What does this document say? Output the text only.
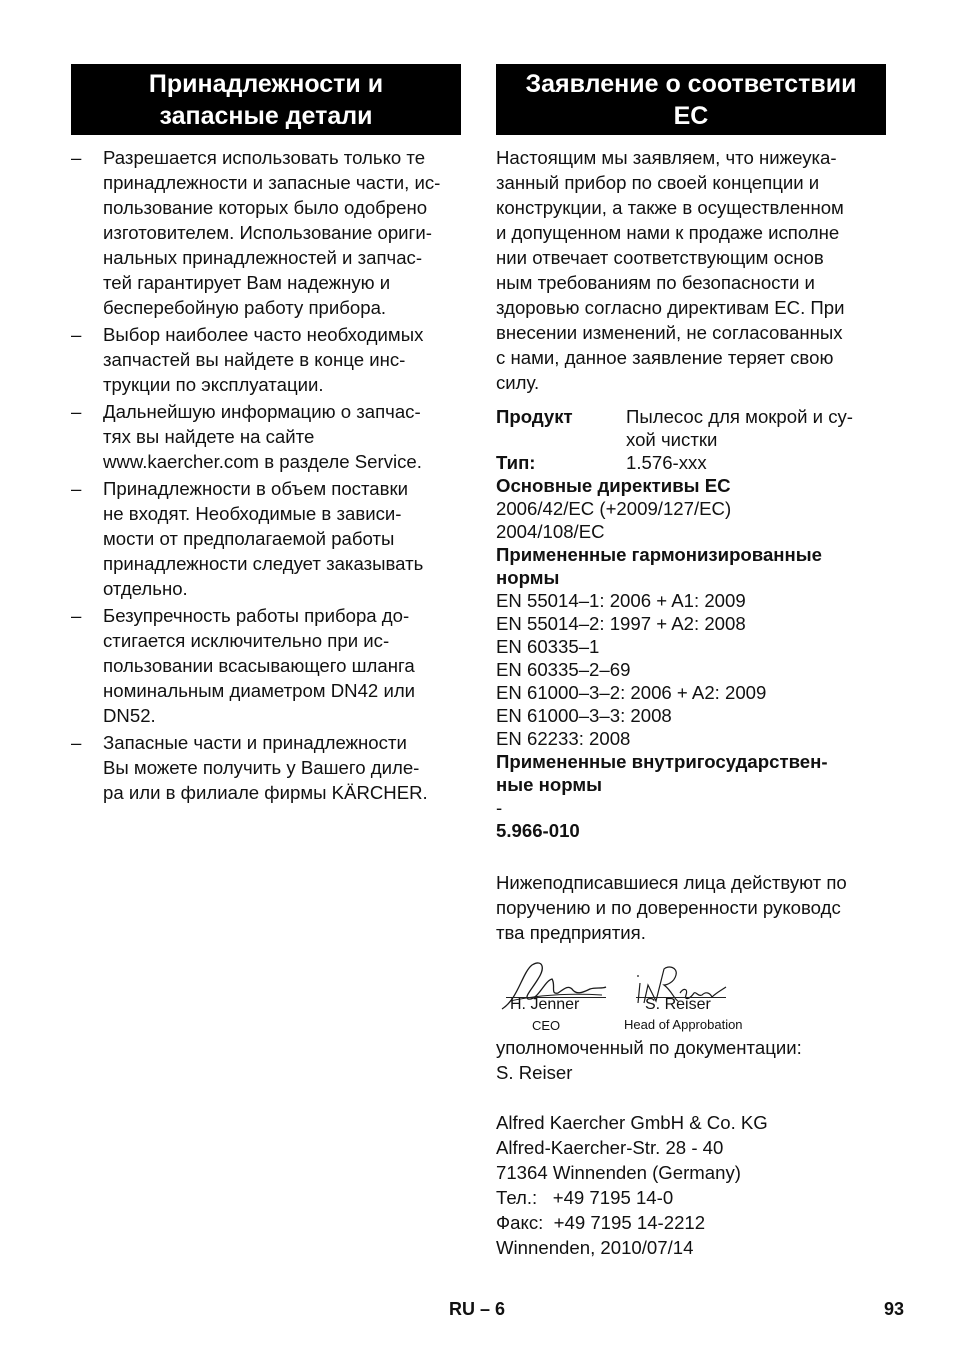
Принадлежности и
запасные детали
– Разрешается использовать только те
принадлежности и запасные части, ис-
пользование которых было одобрено
изготовителем. Использование ориги-
нальных принадлежностей и запчас-
тей гарантирует Вам надежную и
бесперебойную работу прибора.
– Выбор наиболее часто необходимых
запчастей вы найдете в конце инс-
трукции по эксплуатации.
– Дальнейшую информацию о запчас-
тях вы найдете на сайте
www.kaercher.com в разделе Service.
– Принадлежности в объем поставки
не входят. Необходимые в зависи-
мости от предполагаемой работы
принадлежности следует заказывать
отдельно.
– Безупречность работы прибора до-
стигается исключительно при ис-
пользовании всасывающего шланга
номинальным диаметром DN42 или
DN52.
– Запасные части и принадлежности
Вы можете получить у Вашего диле-
ра или в филиале фирмы KÄRCHER.
Заявление о соответствии
ЕС
Настоящим мы заявляем, что нижеука-
занный прибор по своей концепции и
конструкции, а также в осуществленном
и допущенном нами к продаже исполне
нии отвечает соответствующим основ
ным требованиям по безопасности и
здоровью согласно директивам ЕС. При
внесении изменений, не согласованных
с нами, данное заявление теряет свою
силу.
Продукт	Пылесос для мокрой и су-
хой чистки
Тип:	1.576-xxx
Основные директивы ЕС
2006/42/EC (+2009/127/EC)
2004/108/EC
Примененные гармонизированные
нормы
EN 55014–1: 2006 + A1: 2009
EN 55014–2: 1997 + A2: 2008
EN 60335–1
EN 60335–2–69
EN 61000–3–2: 2006 + A2: 2009
EN 61000–3–3: 2008
EN 62233: 2008
Примененные внутригосударствен-
ные нормы
-
5.966-010
Нижеподписавшиеся лица действуют по
поручению и по доверенности руководс
тва предприятия.
H. Jenner
CEO
S. Reiser
Head of Approbation
уполномоченный по документации:
S. Reiser
Alfred Kaercher GmbH & Co. KG
Alfred-Kaercher-Str. 28 - 40
71364 Winnenden (Germany)
Тел.:   +49 7195 14-0
Факс:  +49 7195 14-2212
Winnenden, 2010/07/14
RU – 6	93
